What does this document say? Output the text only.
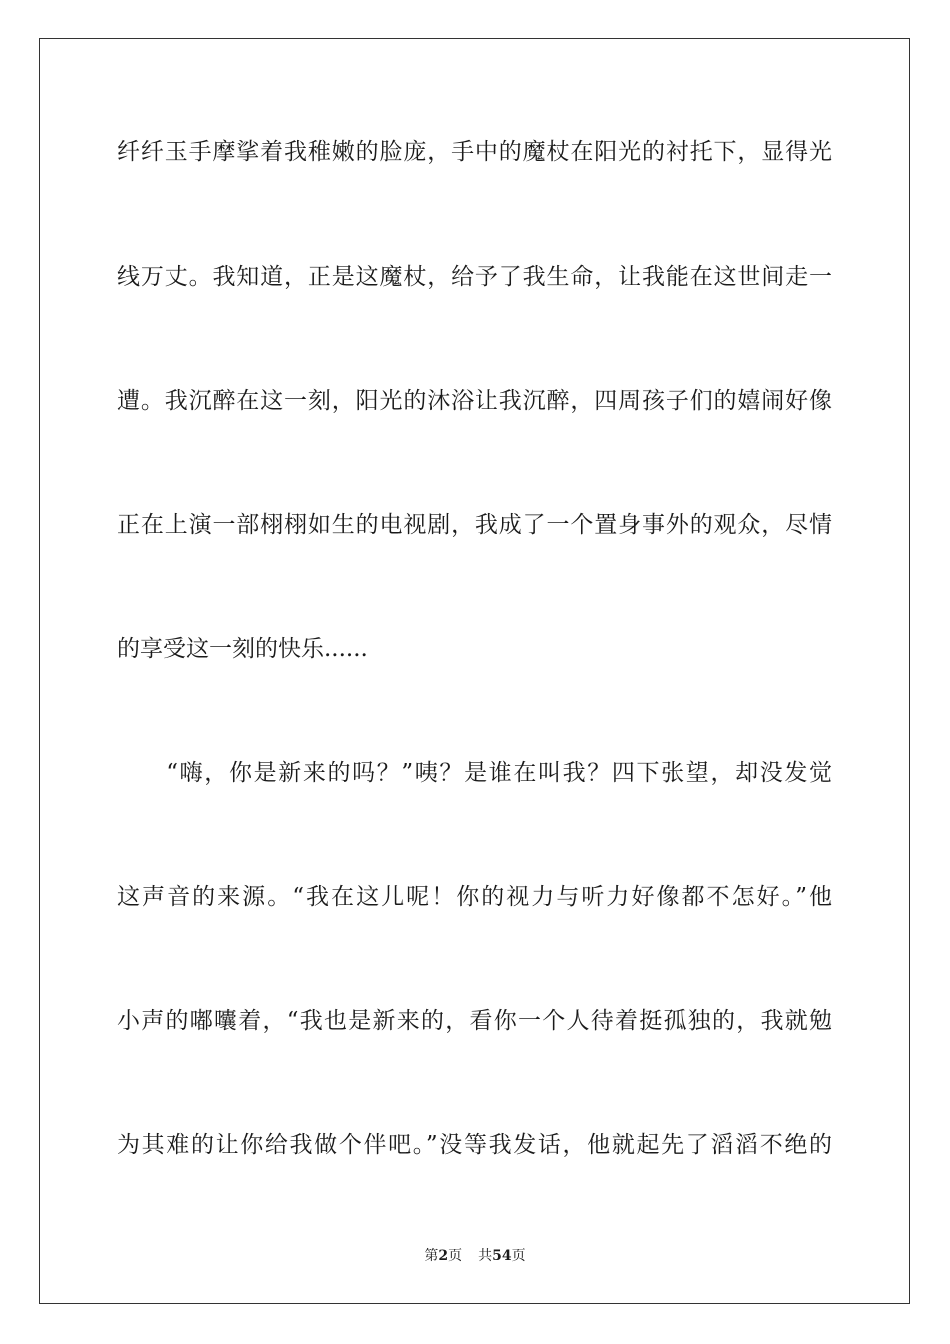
纤纤玉手摩挲着我稚嫩的脸庞，手中的魔杖在阳光的衬托下，显得光
线万丈。我知道，正是这魔杖，给予了我生命，让我能在这世间走一
遭。我沉醉在这一刻，阳光的沐浴让我沉醉，四周孩子们的嬉闹好像
正在上演一部栩栩如生的电视剧，我成了一个置身事外的观众，尽情
的享受这一刻的快乐......
　　“嗨，你是新来的吗？”咦？是谁在叫我？四下张望，却没发觉
这声音的来源。“我在这儿呢！你的视力与听力好像都不怎好。”他
小声的嘟囔着，“我也是新来的，看你一个人待着挺孤独的，我就勉
为其难的让你给我做个伴吧。”没等我发话，他就起先了滔滔不绝的
第2页 共54页
